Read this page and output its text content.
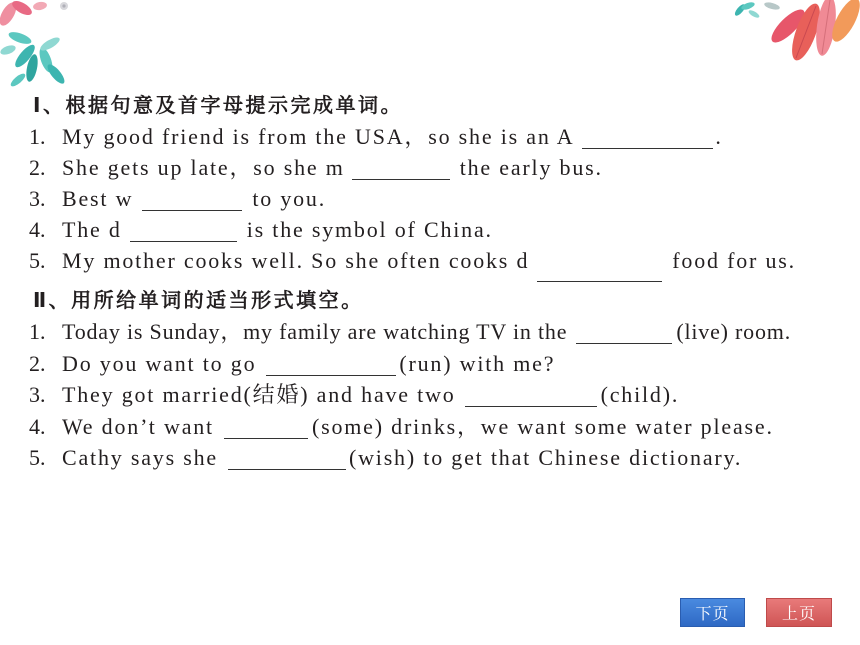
Ⅰ、根据句意及首字母提示完成单词。
1. My good friend is from the USA，so she is an A	.
2. She gets up late，so she m	the early bus.
3. Best w	to you.
4. The d	is the symbol of China.
5. My mother cooks well. So she often cooks d	food for us.
Ⅱ、用所给单词的适当形式填空。
1. Today is Sunday，my family are watching TV in the	(live) room.
2. Do you want to go	(run) with me?
3. They got married(结婚) and have two	(child).
4. We don’t want	(some) drinks，we want some water please.
5. Cathy says she	(wish) to get that Chinese dictionary.
下页	上页
